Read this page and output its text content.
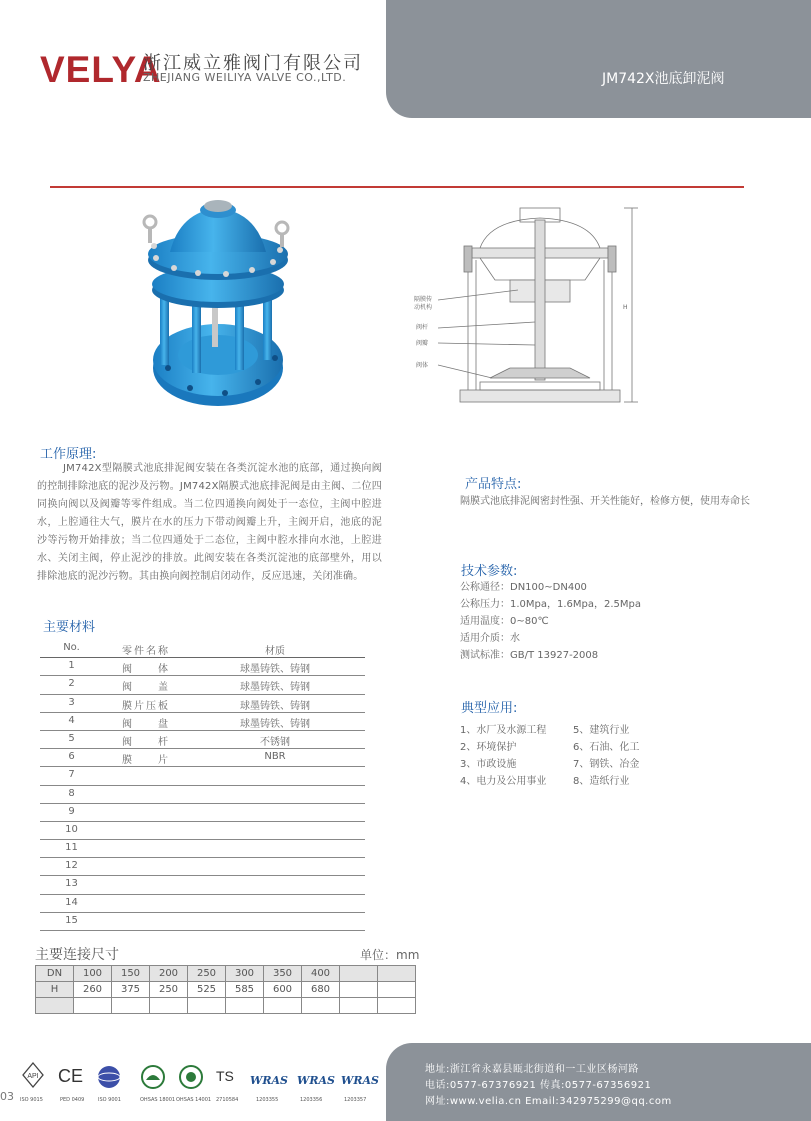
VELYA
浙江威立雅阀门有限公司
ZHEJIANG WEILIYA VALVE CO.,LTD.	JM742X池底卸泥阀
隔膜传
动机构
阀杆
阀瓣
阀体
H
工作原理:
JM742X型隔膜式池底排泥阀安装在各类沉淀水池的底部，通过换向阀的控制排除池底的泥沙及污物。JM742X隔膜式池底排泥阀是由主阀、二位四同换向阀以及阀瓣等零件组成。当二位四通换向阀处于一态位，主阀中腔进水，上腔通往大气，膜片在水的压力下带动阀瓣上升，主阀开启，池底的泥沙等污物开始排放；当二位四通处于二态位，主阀中腔水排向水池，上腔进水、关闭主阀，停止泥沙的排放。此阀安装在各类沉淀池的底部壁外，用以排除池底的泥沙污物。其由换向阀控制启闭动作，反应迅速，关闭准确。
主要材料
No.	零件名称	材质
1	阀　　体	球墨铸铁、铸钢
2	阀　　盖	球墨铸铁、铸钢
3	膜片压板	球墨铸铁、铸钢
4	阀　　盘	球墨铸铁、铸钢
5	阀　　杆	不锈钢
6	膜　　片	NBR
7
8
9
10
11
12
13
14
15
主要连接尺寸	单位：mm
DN	100	150	200	250	300	350	400		
H	260	375	250	525	585	600	680		

产品特点:
隔膜式池底排泥阀密封性强、开关性能好，检修方便，使用寿命长
技术参数:
公称通径：DN100~DN400
公称压力：1.0Mpa，1.6Mpa，2.5Mpa
适用温度：0~80℃
适用介质：水
测试标准：GB/T 13927-2008
典型应用:
1、水厂及水源工程
2、环境保护
3、市政设施
4、电力及公用事业
5、建筑行业
6、石油、化工
7、钢铁、冶金
8、造纸行业
地址:浙江省永嘉县瓯北街道和一工业区杨河路
电话:0577-67376921 传真:0577-67356921
网址:www.velia.cn Email:342975299@qq.com
03
API CE	TS WRAS WRAS WRAS
ISO 9015	PED 0409	ISO 9001	OHSAS 18001 OHSAS 14001 2710584	1203355	1203356	1203357
